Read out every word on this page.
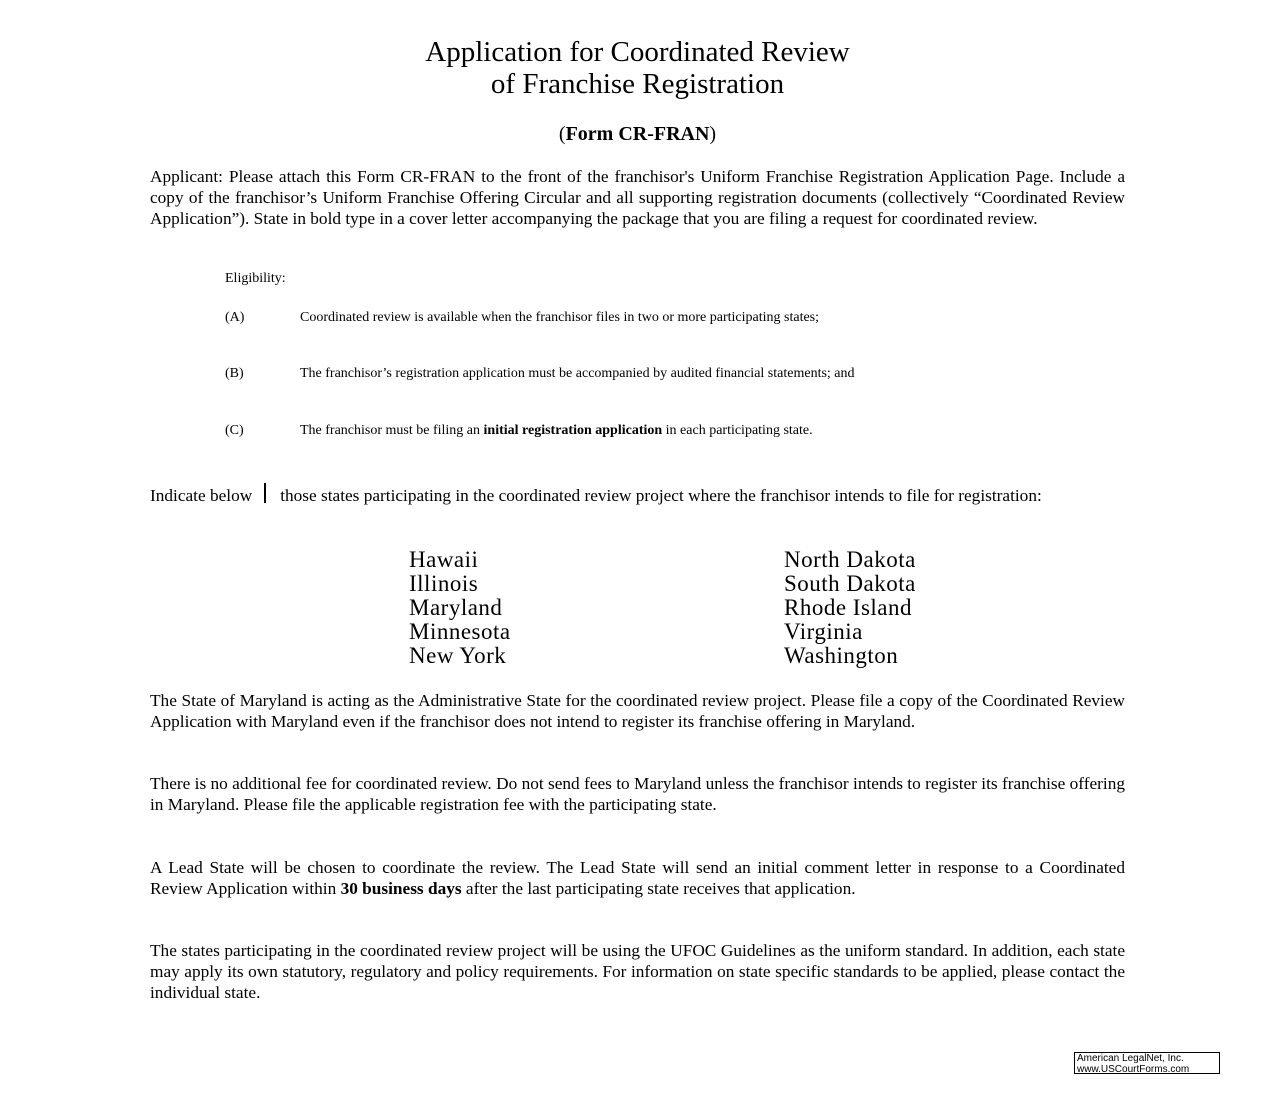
Application for Coordinated Review
of Franchise Registration
(Form CR-FRAN)
Applicant: Please attach this Form CR-FRAN to the front of the franchisor's Uniform Franchise Registration Application Page. Include a copy of the franchisor’s Uniform Franchise Offering Circular and all supporting registration documents (collectively “Coordinated Review Application”). State in bold type in a cover letter accompanying the package that you are filing a request for coordinated review.
Eligibility:
(A)	Coordinated review is available when the franchisor files in two or more participating states;
(B)	The franchisor’s registration application must be accompanied by audited financial statements; and
(C)	The franchisor must be filing an initial registration application in each participating state.
Indicate below those states participating in the coordinated review project where the franchisor intends to file for registration:
Hawaii
Illinois
Maryland
Minnesota
New York
North Dakota
South Dakota
Rhode Island
Virginia
Washington
The State of Maryland is acting as the Administrative State for the coordinated review project. Please file a copy of the Coordinated Review Application with Maryland even if the franchisor does not intend to register its franchise offering in Maryland.
There is no additional fee for coordinated review. Do not send fees to Maryland unless the franchisor intends to register its franchise offering in Maryland. Please file the applicable registration fee with the participating state.
A Lead State will be chosen to coordinate the review. The Lead State will send an initial comment letter in response to a Coordinated Review Application within 30 business days after the last participating state receives that application.
The states participating in the coordinated review project will be using the UFOC Guidelines as the uniform standard. In addition, each state may apply its own statutory, regulatory and policy requirements. For information on state specific standards to be applied, please contact the individual state.
American LegalNet, Inc.
www.USCourtForms.com
